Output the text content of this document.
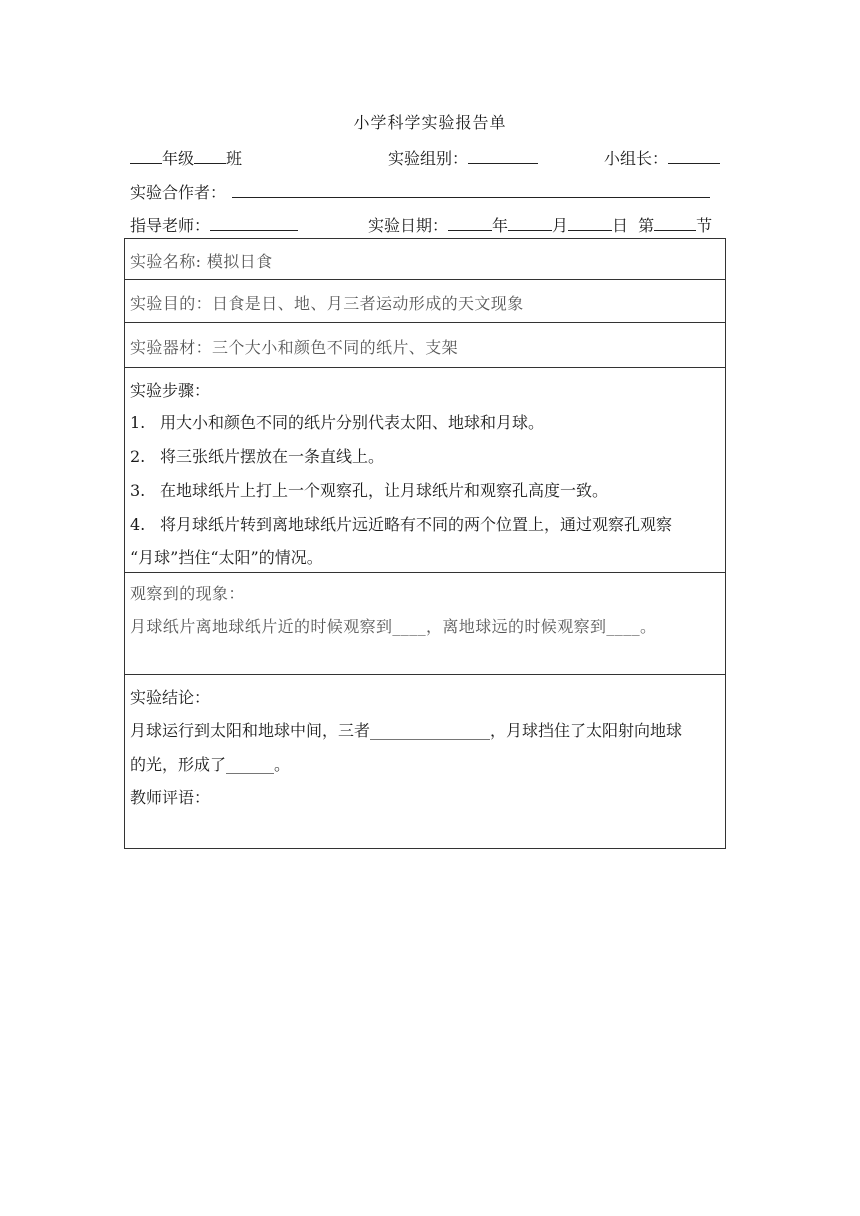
小学科学实验报告单
年级 班	实验组别：	小组长：
实验合作者：
指导老师：	实验日期：	年	月	日 第	节
实验名称: 模拟日食
实验目的：日食是日、地、月三者运动形成的天文现象
实验器材：三个大小和颜色不同的纸片、支架
实验步骤：
1. 用大小和颜色不同的纸片分别代表太阳、地球和月球。
2. 将三张纸片摆放在一条直线上。
3. 在地球纸片上打上一个观察孔，让月球纸片和观察孔高度一致。
4. 将月球纸片转到离地球纸片远近略有不同的两个位置上，通过观察孔观察
“月球”挡住“太阳”的情况。
观察到的现象：
月球纸片离地球纸片近的时候观察到____，离地球远的时候观察到____。
实验结论：
月球运行到太阳和地球中间，三者_______________，月球挡住了太阳射向地球
的光，形成了______。
教师评语：
